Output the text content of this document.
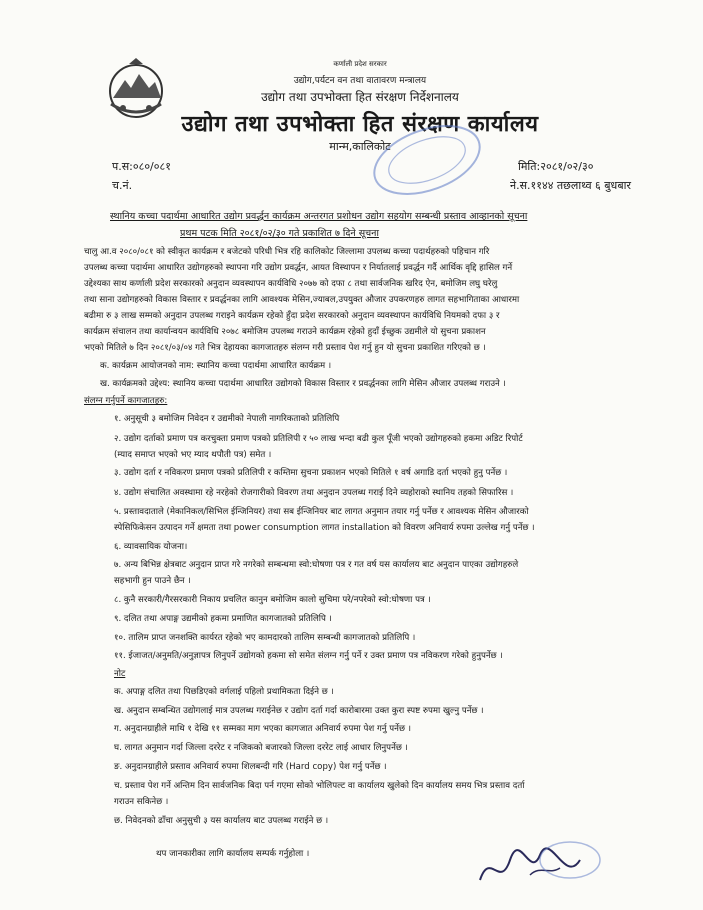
कर्णाली प्रदेश सरकार
उद्योग,पर्यटन वन तथा वातावरण मन्त्रालय
उद्योग तथा उपभोक्ता हित संरक्षण निर्देशनालय
उद्योग तथा उपभोक्ता हित संरक्षण कार्यालय
मान्म,कालिकोट
प.स:०८०/०८१
च.नं.
मिति:२०८१/०२/३०
ने.स.११४४ तछलाथ्व ६ बुधबार
स्थानिय कच्चा पदार्थमा आधारित उद्योग प्रवर्द्धन कार्यक्रम अन्तरगत प्रशोधन उद्योग सहयोग सम्बन्धी प्रस्ताव आव्हानको सूचना
प्रथम पटक मिति २०८१/०२/३० गते प्रकाशित ७ दिने सूचना
चालु आ.व २०८०/०८१ को स्वीकृत कार्यक्रम र बजेटको परिधी भित्र रहि कालिकोट जिल्लामा उपलब्ध कच्चा पदार्थहरुको पहिचान गरि
उपलब्ध कच्चा पदार्थमा आधारित उद्योगहरुको स्थापना गरि उद्योग प्रवर्द्धन, आयत विस्थापन र निर्यातलाई प्रवर्द्धन गर्दै आर्थिक वृद्दि हासिल गर्ने
उद्देश्यका साथ कर्णाली प्रदेश सरकारको अनुदान व्यवस्थापन कार्यविधि २०७७ को दफा ८ तथा सार्वजनिक खरिद ऐन, बमोजिम लघु घरेलु
तथा साना उद्योगहरुको विकास विस्तार र प्रवर्द्धनका लागि आवश्यक मेसिन,ज्याबल,उपयुक्त औजार उपकरणहरु लागत सहभागिताका आधारमा
बढीमा रु ३ लाख सम्मको अनुदान उपलब्ध गराइने कार्यक्रम रहेको हुँदा प्रदेश सरकारको अनुदान व्यवस्थापन कार्यविधि नियमको दफा ३ र
कार्यक्रम संचालन तथा कार्यान्वयन कार्यविधि २०७८ बमोजिम उपलब्ध गराउने कार्यक्रम रहेको हुदाँ ईच्छुक उद्यमीले यो सुचना प्रकाशन
भएको मितिले ७ दिन २०८१/०३/०४ गते भित्र देहायका कागजातहरु संलग्न गरी प्रस्ताव पेश गर्नु हुन यो सुचना प्रकाशित गरिएको छ ।
क. कार्यक्रम आयोजनको नाम: स्थानिय कच्चा पदार्थमा आधारित कार्यक्रम ।
ख. कार्यक्रमको उद्देश्य: स्थानिय कच्चा पदार्थमा आधारित उद्योगको विकास विस्तार र प्रवर्द्धनका लागि मेसिन औजार उपलब्ध गराउने ।
संलग्न गर्नुपर्ने कागजातहरु:
१. अनुसूची ३ बमोजिम निवेदन र उद्यमीको नेपाली नागरिकताको प्रतिलिपि
२. उद्योग दर्ताको प्रमाण पत्र करचुक्ता प्रमाण पत्रको प्रतिलिपी र ५० लाख भन्दा बढी कुल पूँजी भएको उद्योगहरुको हकमा अडिट रिपोर्ट
(म्याद समाप्त भएको भए म्याद थपौती पत्र) समेत ।
३. उद्योग दर्ता र नविकरण प्रमाण पत्रको प्रतिलिपी र कम्तिमा सुचना प्रकाशन भएको मितिले १ वर्ष अगाडि दर्ता भएको हुनु पर्नेछ ।
४. उद्योग संचालित अवस्थामा रहे नरहेको रोजगारीको विवरण तथा अनुदान उपलब्ध गराई दिने व्यहोराको स्थानिय तहको सिफारिस ।
५. प्रस्तावदाताले (मेकानिकल/सिभिल ईन्जिनियर) तथा सब ईन्जिनियर बाट लागत अनुमान तयार गर्नु पर्नेछ र आवश्यक मेसिन औजारको
स्पेसिफिकेसन उत्पादन गर्ने क्षमता तथा power consumption लागत installation को विवरण अनिवार्य रुपमा उल्लेख गर्नु पर्नेछ ।
६. व्यावसायिक योजना।
७. अन्य बिभिन्न क्षेत्रबाट अनुदान प्राप्त गरे नगरेको सम्बन्धमा स्वो:घोषणा पत्र र गत वर्ष यस कार्यालय बाट अनुदान पाएका उद्योगहरुले
सहभागी हुन पाउने छैन ।
८. कुनै सरकारी/गैरसरकारी निकाय प्रचलित कानुन बमोजिम कालो सुचिमा परे/नपरेको स्वो:घोषणा पत्र ।
९. दलित तथा अपाङ्ग उद्यमीको हकमा प्रमाणित कागजातको प्रतिलिपि ।
१०. तालिम प्राप्त जनशक्ति कार्यरत रहेको भए कामदारको तालिम सम्बन्धी कागजातको प्रतिलिपि ।
११. ईजाजत/अनुमति/अनुज्ञापत्र लिनुपर्ने उद्योगको हकमा सो समेत संलग्न गर्नु पर्ने र उक्त प्रमाण पत्र नविकरण गरेको हुनुपर्नेछ ।
नोट
क. अपाङ्ग दलित तथा पिछडिएको वर्गलाई पहिलो प्रथामिकता दिईने छ ।
ख. अनुदान सम्बन्धित उद्योगलाई मात्र उपलब्ध गराईनेछ र उद्योग दर्ता गर्दा कारोबारमा उक्त कुरा स्पष्ट रुपमा खुल्नु पर्नेछ ।
ग. अनुदानग्राहीले माथि १ देखि ११ सम्मका माग भएका कागजात अनिवार्य रुपमा पेश गर्नु पर्नेछ ।
घ. लागत अनुमान गर्दा जिल्ला दररेट र नजिकको बजारको जिल्ला दररेट लाई आधार लिनुपर्नेछ ।
ङ. अनुदानग्राहीले प्रस्ताव अनिवार्य रुपमा शिलबन्दी गरि (Hard copy) पेश गर्नु पर्नेछ ।
च. प्रस्ताव पेश गर्ने अन्तिम दिन सार्वजनिक बिदा पर्न गएमा सोको भोलिपल्ट वा कार्यालय खुलेको दिन कार्यालय समय भित्र प्रस्ताव दर्ता
गराउन सकिनेछ ।
छ. निवेदनको ढाँचा अनुसुची ३ यस कार्यालय बाट उपलब्ध गराईने छ ।
थप जानकारीका लागि कार्यालय सम्पर्क गर्नुहोला ।
